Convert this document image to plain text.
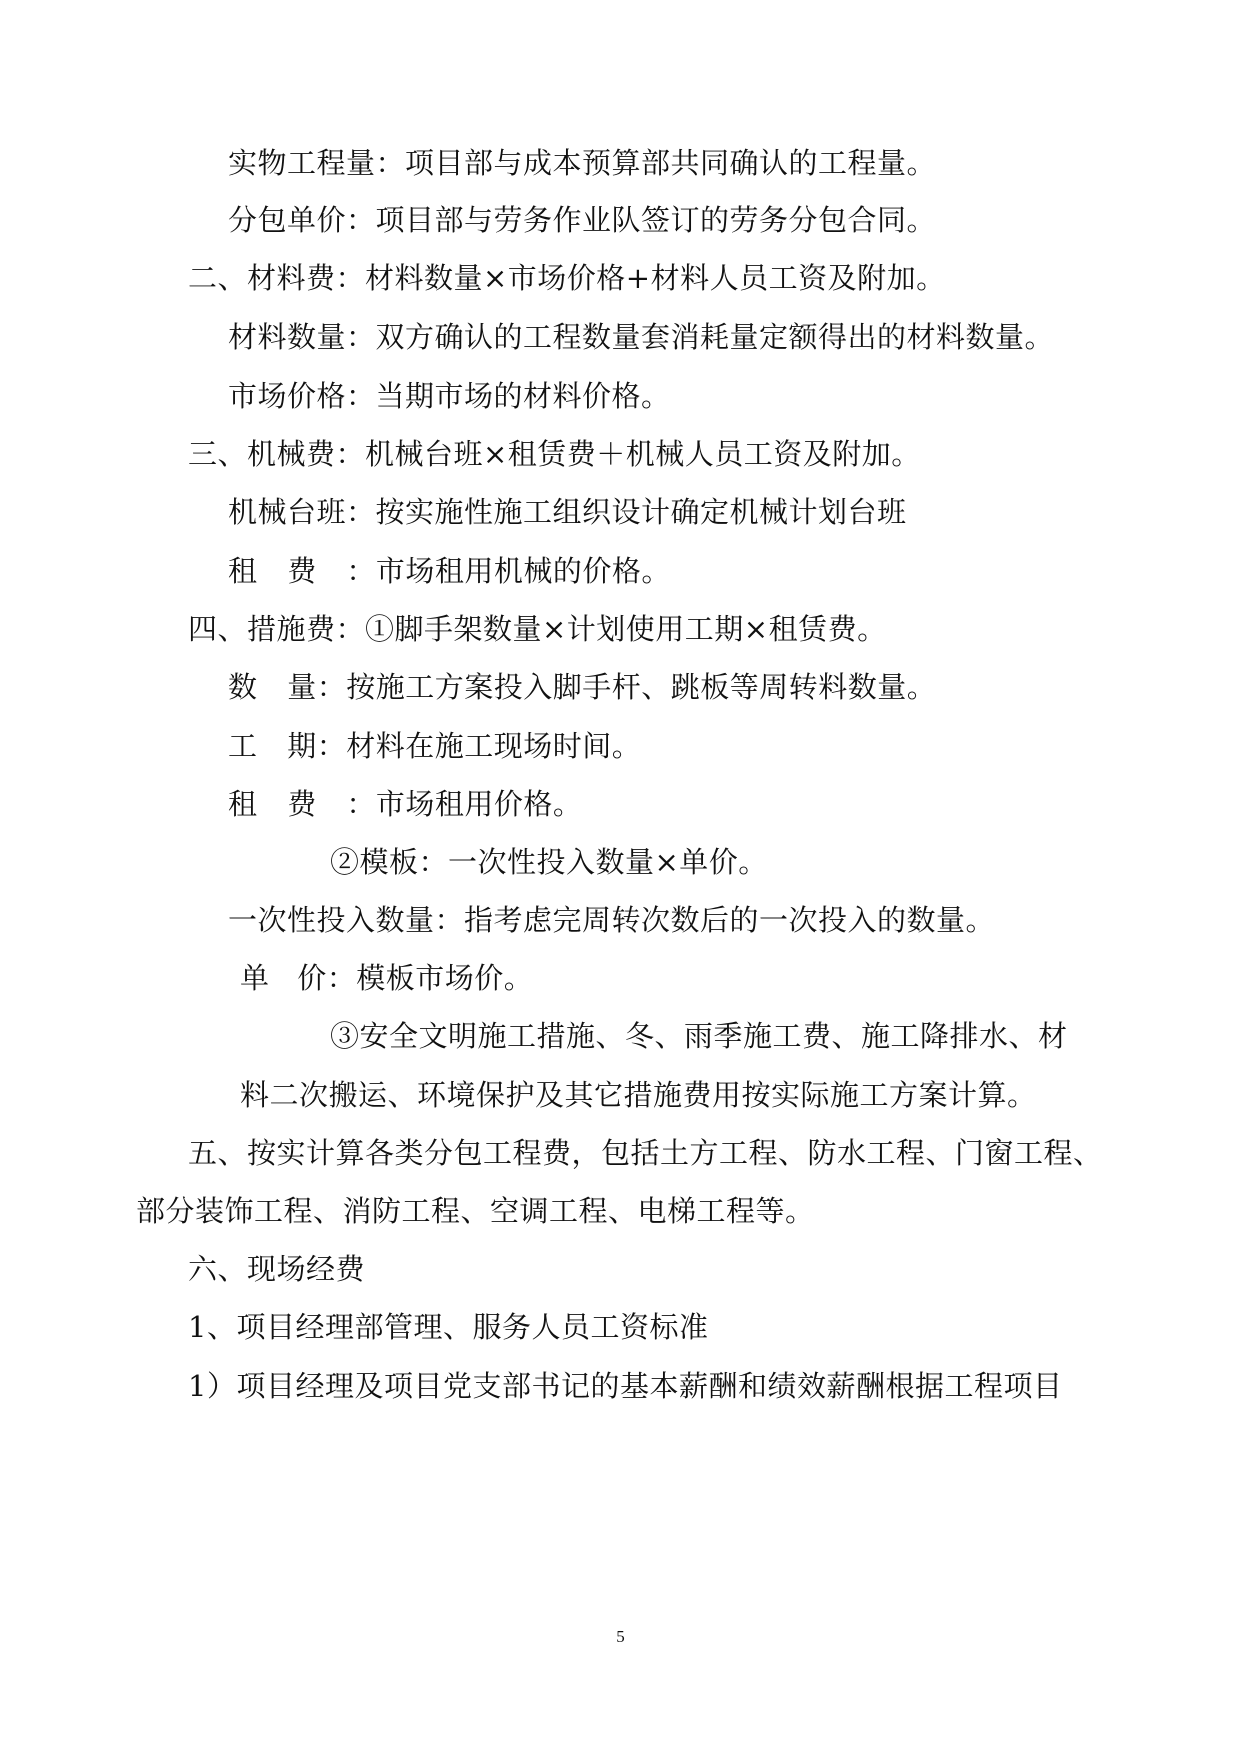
实物工程量：项目部与成本预算部共同确认的工程量。
分包单价：项目部与劳务作业队签订的劳务分包合同。
二、材料费：材料数量×市场价格+材料人员工资及附加。
材料数量：双方确认的工程数量套消耗量定额得出的材料数量。
市场价格：当期市场的材料价格。
三、机械费：机械台班×租赁费＋机械人员工资及附加。
机械台班：按实施性施工组织设计确定机械计划台班
租 费 ：市场租用机械的价格。
四、措施费：①脚手架数量×计划使用工期×租赁费。
数 量：按施工方案投入脚手杆、跳板等周转料数量。
工 期：材料在施工现场时间。
租 费 ：市场租用价格。
②模板：一次性投入数量×单价。
一次性投入数量：指考虑完周转次数后的一次投入的数量。
单 价：模板市场价。
③安全文明施工措施、冬、雨季施工费、施工降排水、材
料二次搬运、环境保护及其它措施费用按实际施工方案计算。
五、按实计算各类分包工程费，包括土方工程、防水工程、门窗工程、
部分装饰工程、消防工程、空调工程、电梯工程等。
六、现场经费
1、项目经理部管理、服务人员工资标准
1）项目经理及项目党支部书记的基本薪酬和绩效薪酬根据工程项目
5
